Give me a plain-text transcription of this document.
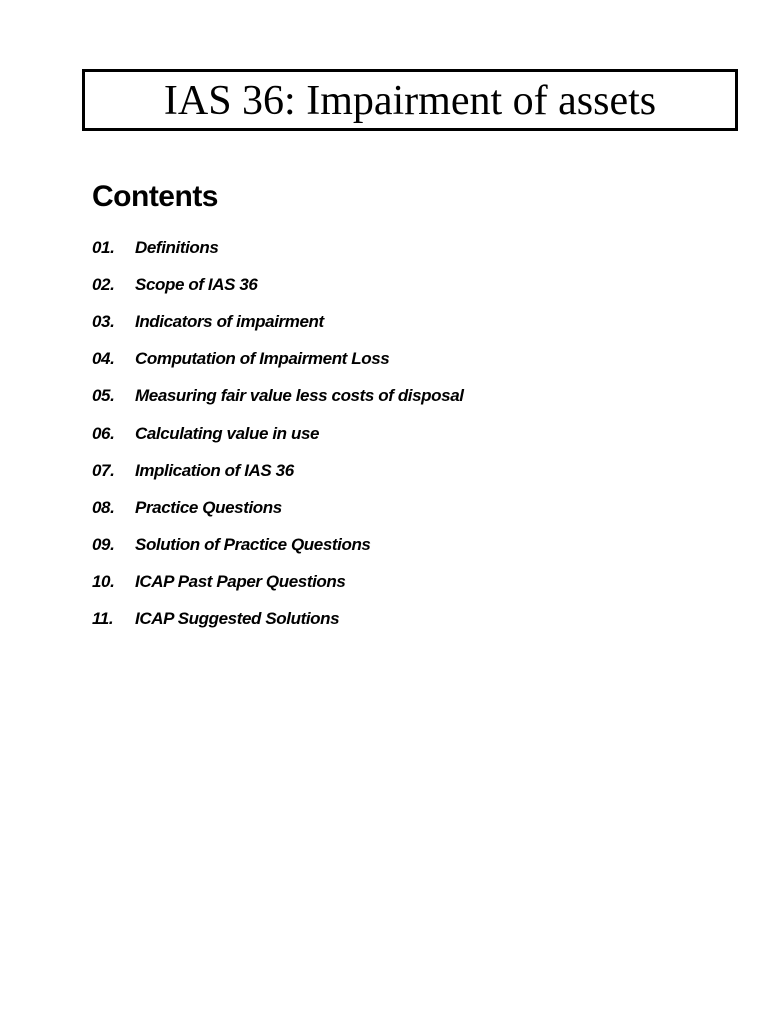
IAS 36: Impairment of assets
Contents
01.	Definitions
02.	Scope of IAS 36
03.	Indicators of impairment
04.	Computation of Impairment Loss
05.	Measuring fair value less costs of disposal
06.	Calculating value in use
07.	Implication of IAS 36
08.	Practice Questions
09.	Solution of Practice Questions
10.	ICAP Past Paper Questions
11.	ICAP Suggested Solutions
